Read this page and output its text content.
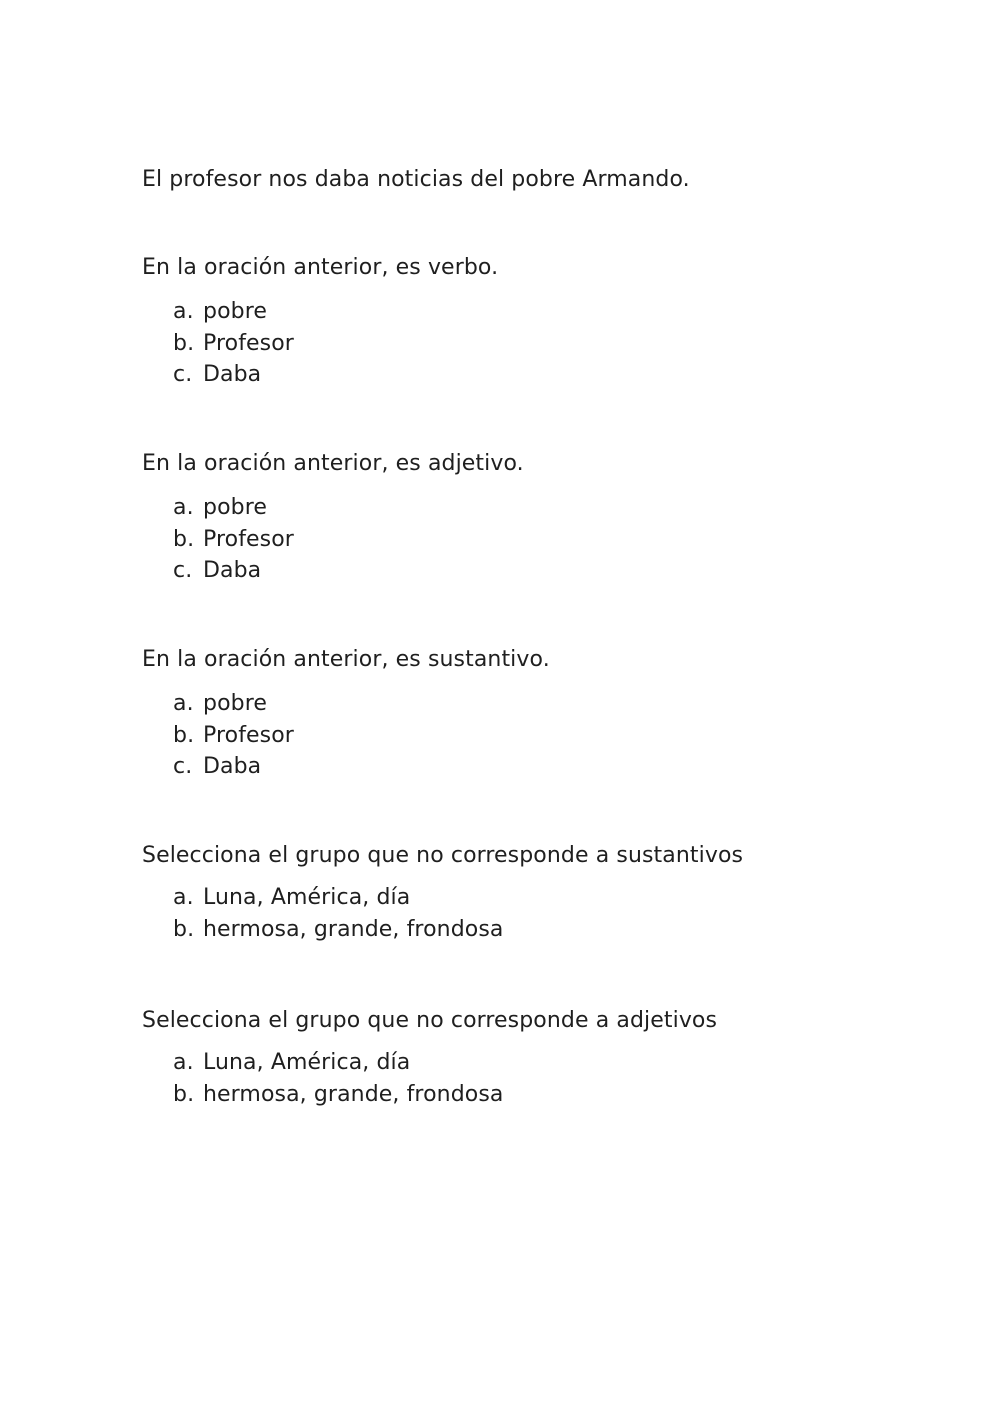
El profesor nos daba noticias del pobre Armando.

En la oración anterior, es verbo.

a. pobre
b. Profesor
c. Daba

En la oración anterior, es adjetivo.

a. pobre
b. Profesor
c. Daba

En la oración anterior, es sustantivo.

a. pobre
b. Profesor
c. Daba

Selecciona el grupo que no corresponde a sustantivos

a. Luna, América, día
b. hermosa, grande, frondosa

Selecciona el grupo que no corresponde a adjetivos

a. Luna, América, día
b. hermosa, grande, frondosa
